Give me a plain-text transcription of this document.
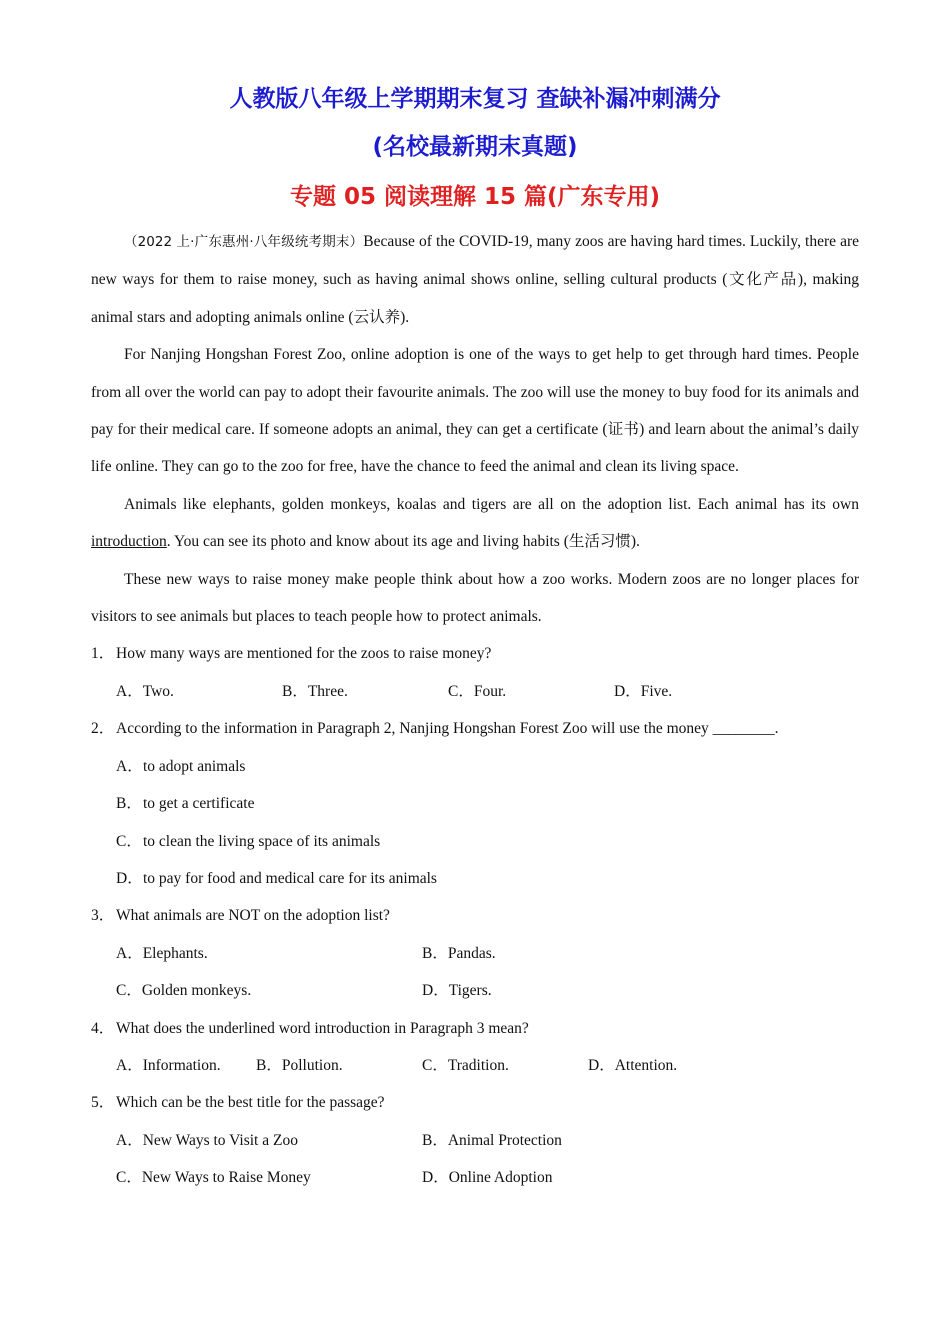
人教版八年级上学期期末复习 查缺补漏冲刺满分
(名校最新期末真题)
专题 05 阅读理解 15 篇(广东专用)

（2022 上·广东惠州·八年级统考期末）Because of the COVID-19, many zoos are having hard times. Luckily, there are new ways for them to raise money, such as having animal shows online, selling cultural products (文化产品), making animal stars and adopting animals online (云认养).

For Nanjing Hongshan Forest Zoo, online adoption is one of the ways to get help to get through hard times. People from all over the world can pay to adopt their favourite animals. The zoo will use the money to buy food for its animals and pay for their medical care. If someone adopts an animal, they can get a certificate (证书) and learn about the animal’s daily life online. They can go to the zoo for free, have the chance to feed the animal and clean its living space.

Animals like elephants, golden monkeys, koalas and tigers are all on the adoption list. Each animal has its own introduction. You can see its photo and know about its age and living habits (生活习惯).

These new ways to raise money make people think about how a zoo works. Modern zoos are no longer places for visitors to see animals but places to teach people how to protect animals.

1． How many ways are mentioned for the zoos to raise money?

A．Two.	B．Three.	C．Four.	D．Five.

2． According to the information in Paragraph 2, Nanjing Hongshan Forest Zoo will use the money ________.

A．to adopt animals

B．to get a certificate

C．to clean the living space of its animals

D．to pay for food and medical care for its animals

3． What animals are NOT on the adoption list?

A．Elephants.	B．Pandas.
C．Golden monkeys.	D．Tigers.

4． What does the underlined word introduction in Paragraph 3 mean?

A．Information.	B．Pollution.	C．Tradition.	D．Attention.

5． Which can be the best title for the passage?

A．New Ways to Visit a Zoo	B．Animal Protection
C．New Ways to Raise Money	D．Online Adoption
